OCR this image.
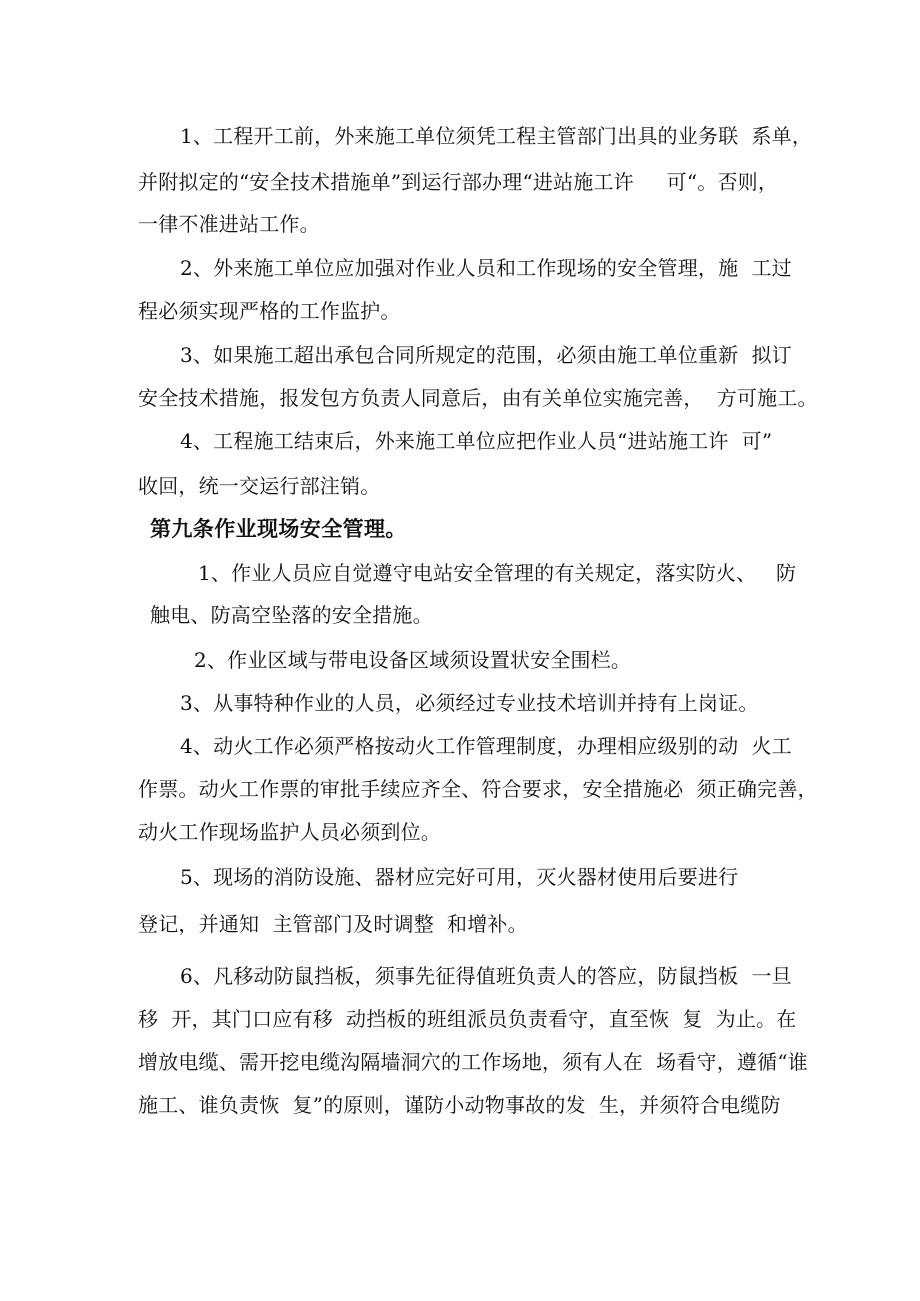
1、工程开工前，外来施工单位须凭工程主管部门出具的业务联  系单，
并附拟定的“安全技术措施单”到运行部办理“进站施工许     可“。否则，
一律不准进站工作。
2、外来施工单位应加强对作业人员和工作现场的安全管理，施  工过
程必须实现严格的工作监护。
3、如果施工超出承包合同所规定的范围，必须由施工单位重新  拟订
安全技术措施，报发包方负责人同意后，由有关单位实施完善，  方可施工。
4、工程施工结束后，外来施工单位应把作业人员“进站施工许  可”
收回，统一交运行部注销。
第九条作业现场安全管理。
1、作业人员应自觉遵守电站安全管理的有关规定，落实防火、   防
触电、防高空坠落的安全措施。
2、作业区域与带电设备区域须设置状安全围栏。
3、从事特种作业的人员，必须经过专业技术培训并持有上岗证。
4、动火工作必须严格按动火工作管理制度，办理相应级别的动  火工
作票。动火工作票的审批手续应齐全、符合要求，安全措施必  须正确完善，
动火工作现场监护人员必须到位。
5、现场的消防设施、器材应完好可用，灭火器材使用后要进行
登记，并通知  主管部门及时调整  和增补。
6、凡移动防鼠挡板，须事先征得值班负责人的答应，防鼠挡板  一旦
移  开，其门口应有移  动挡板的班组派员负责看守，直至恢  复  为止。在
增放电缆、需开挖电缆沟隔墙洞穴的工作场地，须有人在  场看守，遵循“谁
施工、谁负责恢  复”的原则，谨防小动物事故的发  生，并须符合电缆防
